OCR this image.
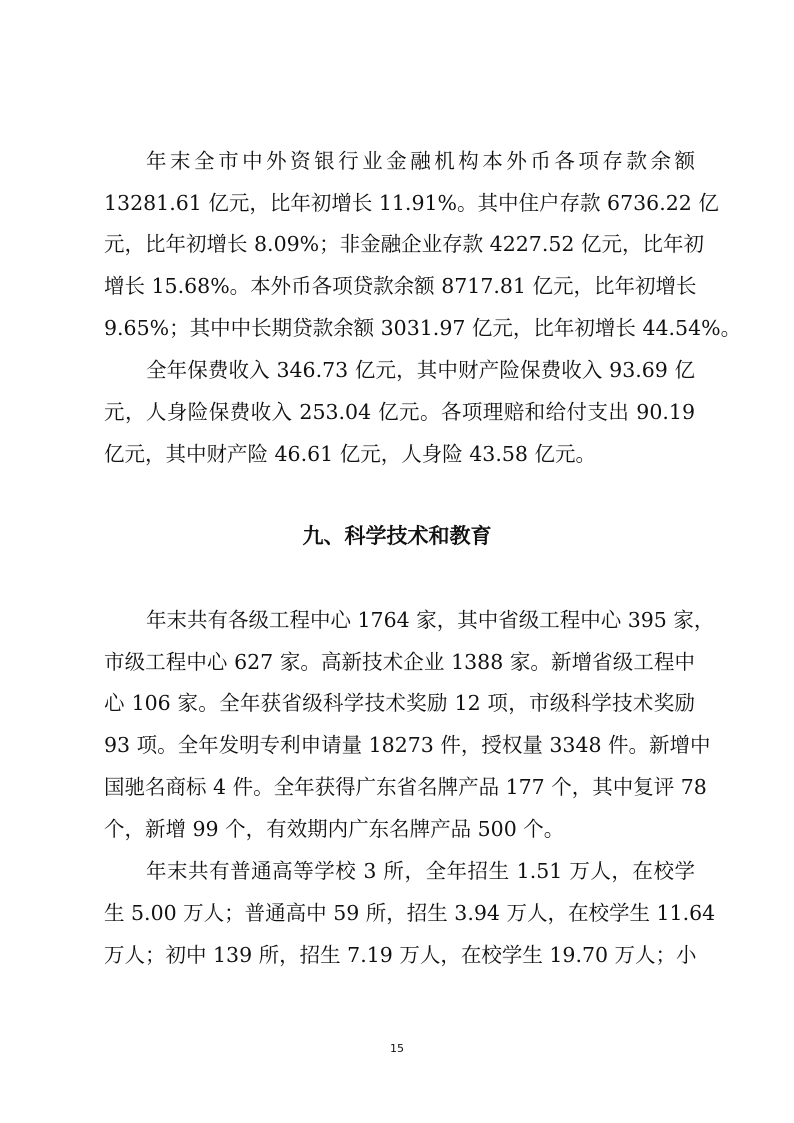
年末全市中外资银行业金融机构本外币各项存款余额
13281.61 亿元，比年初增长 11.91%。其中住户存款 6736.22 亿
元，比年初增长 8.09%；非金融企业存款 4227.52 亿元，比年初
增长 15.68%。本外币各项贷款余额 8717.81 亿元，比年初增长
9.65%；其中中长期贷款余额 3031.97 亿元，比年初增长 44.54%。
全年保费收入 346.73 亿元，其中财产险保费收入 93.69 亿
元，人身险保费收入 253.04 亿元。各项理赔和给付支出 90.19
亿元，其中财产险 46.61 亿元，人身险 43.58 亿元。
九、科学技术和教育
年末共有各级工程中心 1764 家，其中省级工程中心 395 家，
市级工程中心 627 家。高新技术企业 1388 家。新增省级工程中
心 106 家。全年获省级科学技术奖励 12 项，市级科学技术奖励
93 项。全年发明专利申请量 18273 件，授权量 3348 件。新增中
国驰名商标 4 件。全年获得广东省名牌产品 177 个，其中复评 78
个，新增 99 个，有效期内广东名牌产品 500 个。
年末共有普通高等学校 3 所，全年招生 1.51 万人，在校学
生 5.00 万人；普通高中 59 所，招生 3.94 万人，在校学生 11.64
万人；初中 139 所，招生 7.19 万人，在校学生 19.70 万人；小
15
